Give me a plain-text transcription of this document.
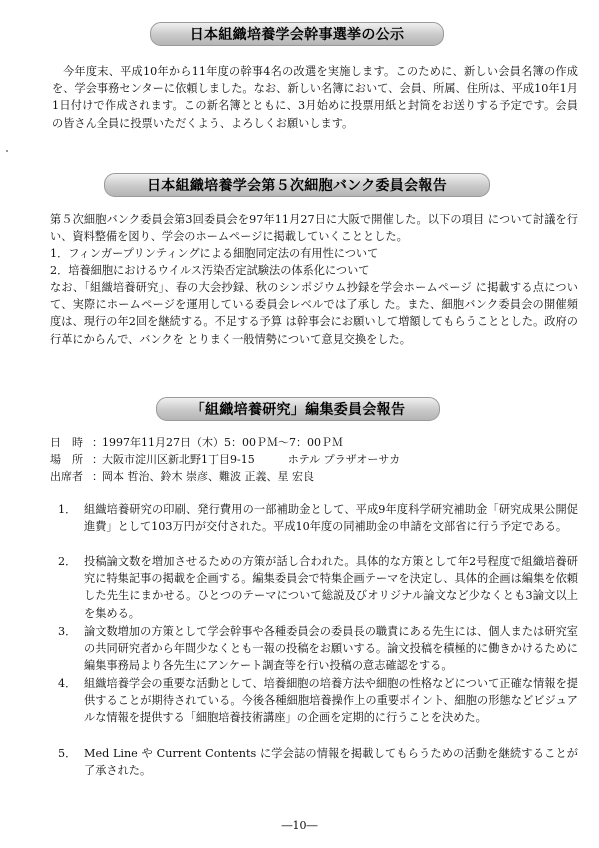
日本組織培養学会幹事選挙の公示

今年度末、平成10年から11年度の幹事4名の改選を実施します。このために、新しい会員名簿の作成を、学会事務センターに依頼しました。なお、新しい名簿において、会員、所属、住所は、平成10年1月1日付けで作成されます。この新名簿とともに、3月始めに投票用紙と封筒をお送りする予定です。会員の皆さん全員に投票いただくよう、よろしくお願いします。

日本組織培養学会第５次細胞バンク委員会報告

第５次細胞バンク委員会第3回委員会を97年11月27日に大阪で開催した。以下の項目 について討議を行い、資料整備を図り、学会のホームページに掲載していくこととした。

1．フィンガープリンティングによる細胞同定法の有用性について
2．培養細胞におけるウイルス汚染否定試験法の体系化について

なお、「組織培養研究」、春の大会抄録、秋のシンポジウム抄録を学会ホームページ に掲載する点について、実際にホームページを運用している委員会レベルでは了承し た。また、細胞バンク委員会の開催頻度は、現行の年2回を継続する。不足する予算 は幹事会にお願いして増額してもらうこととした。政府の行革にからんで、バンクを とりまく一般情勢について意見交換をした。

「組織培養研究」編集委員会報告
日　時 ： 1997年11月27日（木）5：00ＰＭ～7：00ＰＭ
場　所 ： 大阪市淀川区新北野1丁目9-15　　　ホテル プラザオーサカ
出席者 ： 岡本 哲治、鈴木 崇彦、難波 正義、星 宏良
1． 組織培養研究の印刷、発行費用の一部補助金として、平成9年度科学研究補助金「研究成果公開促進費」として103万円が交付された。平成10年度の同補助金の申請を文部省に行う予定である。
2． 投稿論文数を増加させるための方策が話し合われた。具体的な方策として年2号程度で組織培養研究に特集記事の掲載を企画する。編集委員会で特集企画テーマを決定し、具体的企画は編集を依頼した先生にまかせる。ひとつのテーマについて総説及びオリジナル論文など少なくとも3論文以上を集める。
3． 論文数増加の方策として学会幹事や各種委員会の委員長の職責にある先生には、個人または研究室の共同研究者から年間少なくとも一報の投稿をお願いする。論文投稿を積極的に働きかけるために編集事務局より各先生にアンケート調査等を行い投稿の意志確認をする。
4． 組織培養学会の重要な活動として、培養細胞の培養方法や細胞の性格などについて正確な情報を提供することが期待されている。今後各種細胞培養操作上の重要ポイント、細胞の形態などビジュアルな情報を提供する「細胞培養技術講座」の企画を定期的に行うことを決めた。
5． Med Line や Current Contents に学会誌の情報を掲載してもらうための活動を継続することが了承された。
―10―
